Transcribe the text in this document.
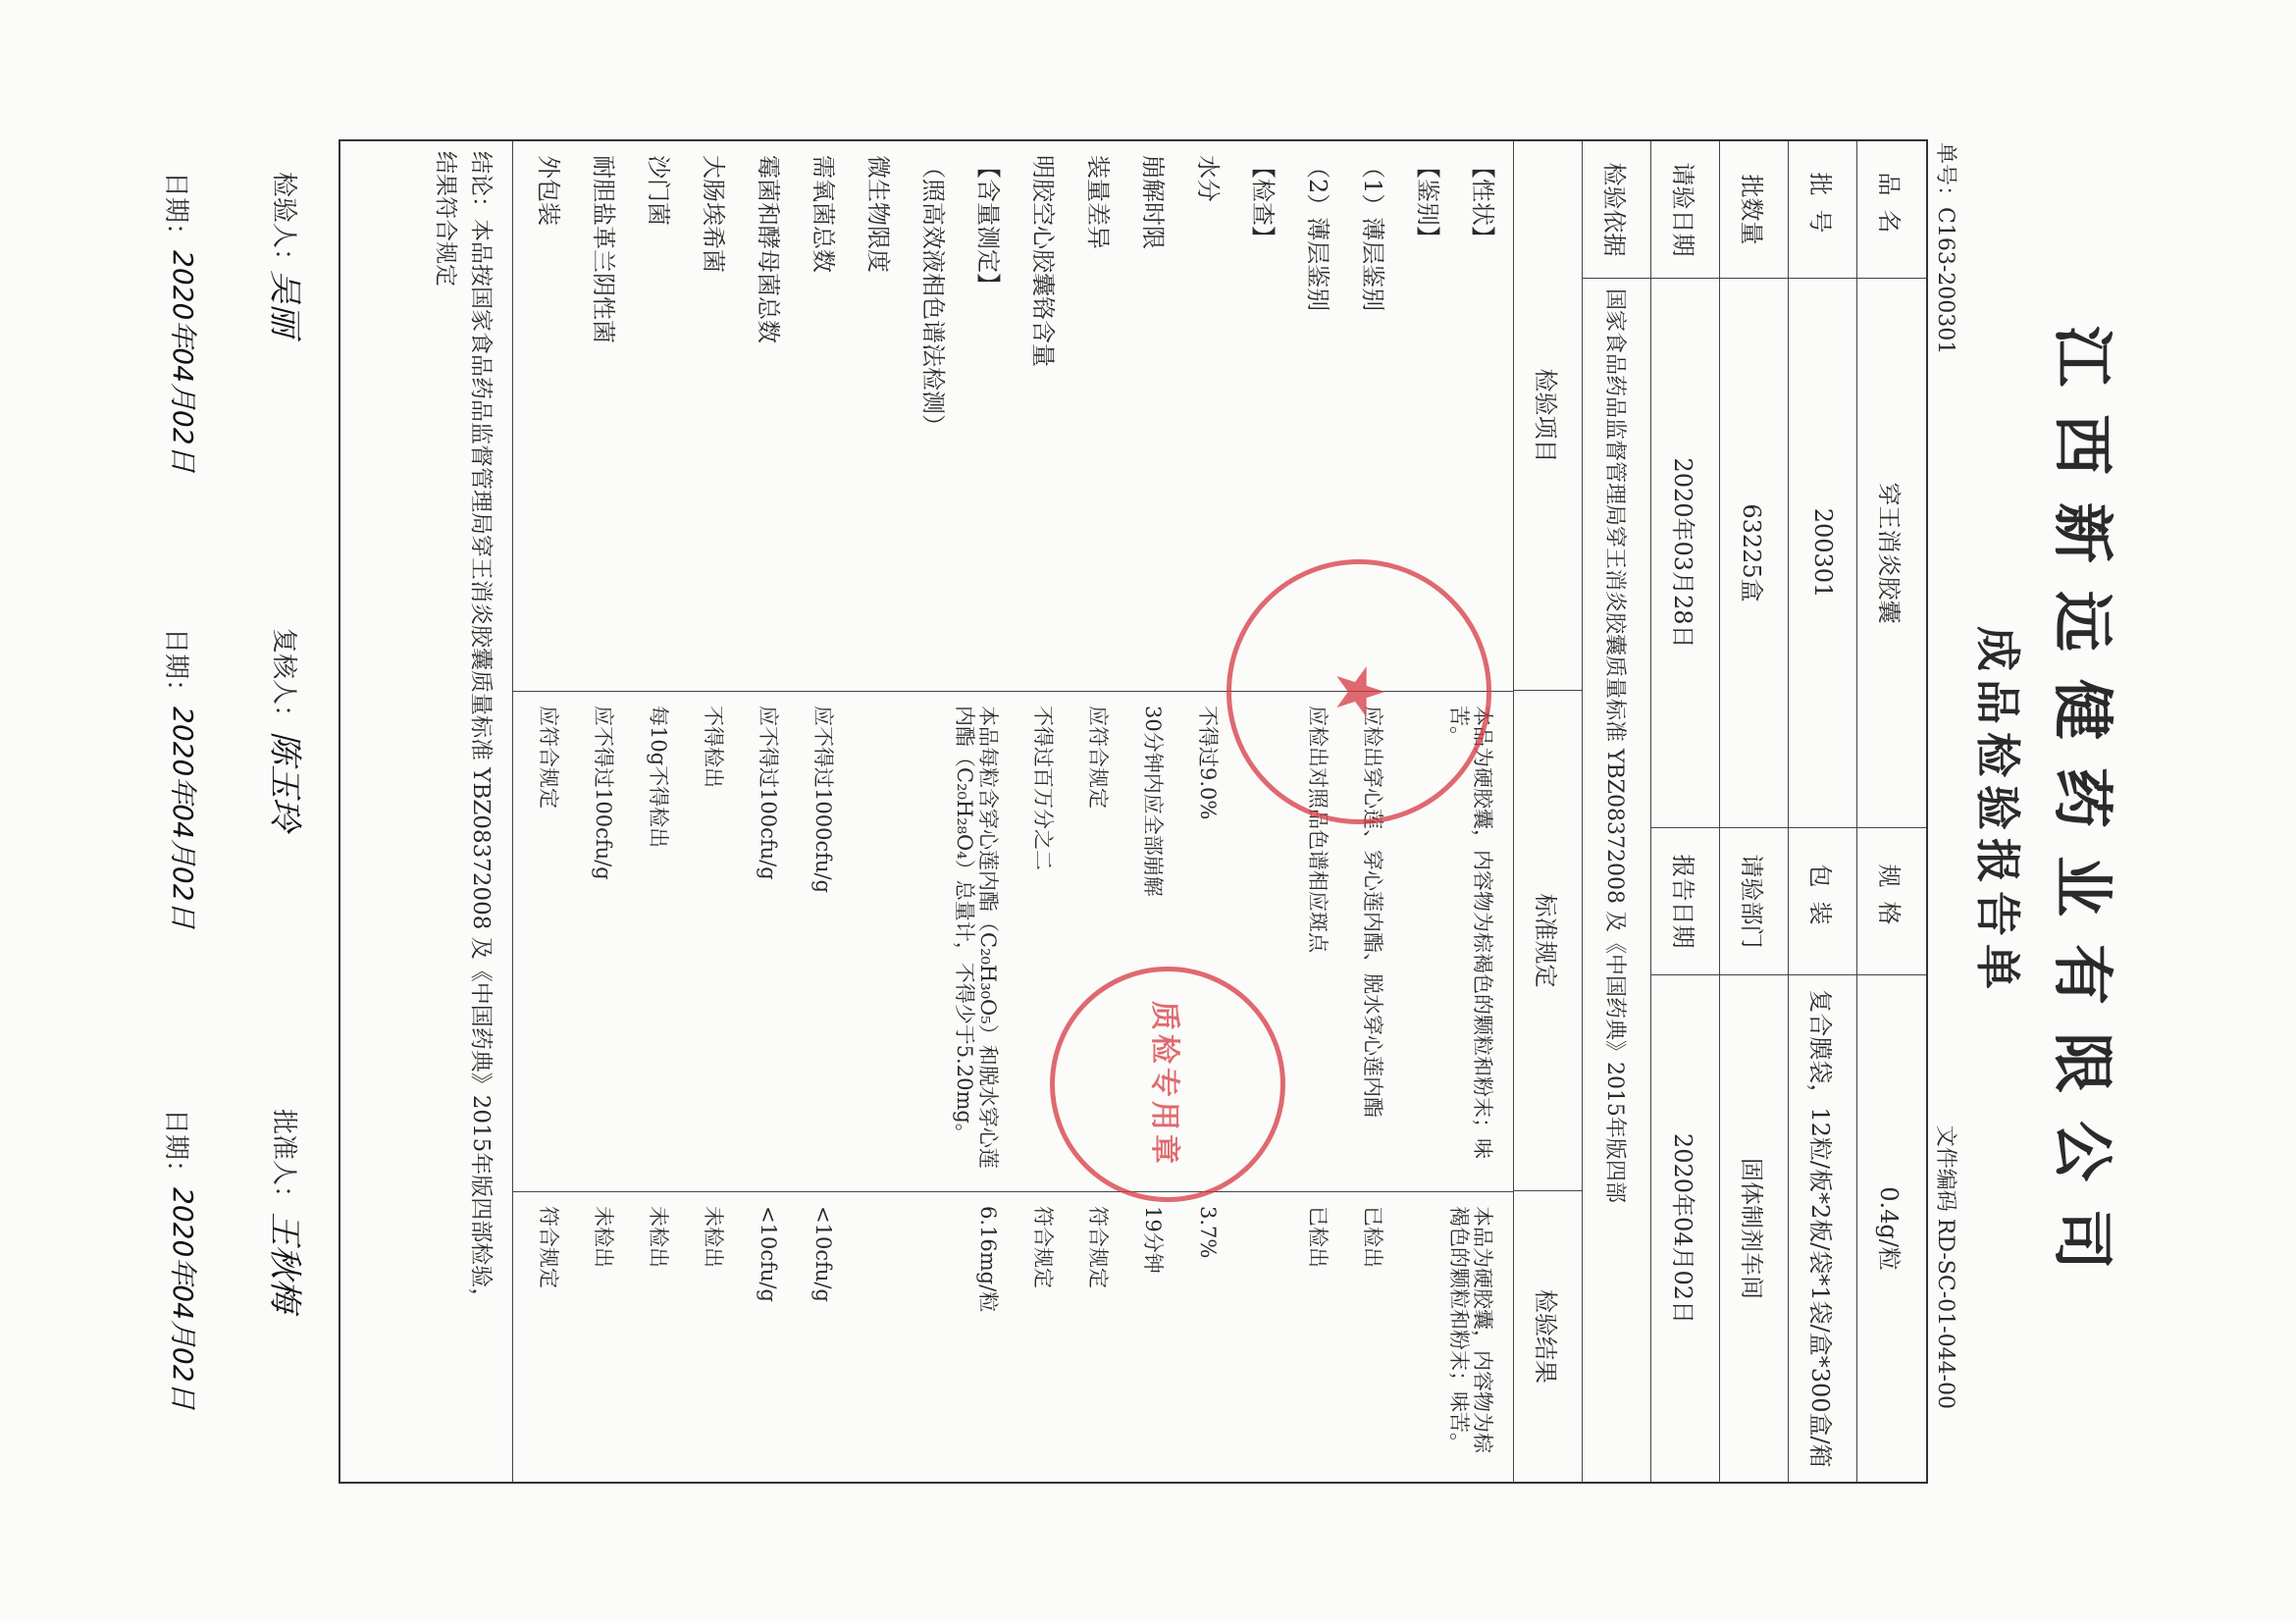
江西新远健药业有限公司
成品检验报告单
单号：C163-200301
文件编码 RD-SC-01-044-00
品名
穿王消炎胶囊
规格
0.4g/粒
批号
200301
包装
复合膜袋，12粒/板*2板/袋*1袋/盒*300盒/箱
批数量
63225盒
请验部门
固体制剂车间
请验日期
2020年03月28日
报告日期
2020年04月02日
检验依据
国家食品药品监督管理局穿王消炎胶囊质量标准 YBZ08372008 及《中国药典》2015年版四部
检验项目
标准规定
检验结果
【性状】
本品为硬胶囊，内容物为棕褐色的颗粒和粉末；味苦。
本品为硬胶囊，内容物为棕褐色的颗粒和粉末；味苦。
【鉴别】
（1）薄层鉴别
应检出穿心莲、穿心莲内酯、脱水穿心莲内酯
已检出
（2）薄层鉴别
应检出对照品色谱相应斑点
已检出
【检查】
水分
不得过9.0%
3.7%
崩解时限
30分钟内应全部崩解
19分钟
装量差异
应符合规定
符合规定
明胶空心胶囊铬含量
不得过百万分之二
符合规定
【含量测定】
本品每粒含穿心莲内酯（C₂₀H₃₀O₅）和脱水穿心莲内酯（C₂₀H₂₈O₄）总量计，不得少于5.20mg。
6.16mg/粒
（照高效液相色谱法检测）
微生物限度
需氧菌总数
应不得过1000cfu/g
<10cfu/g
霉菌和酵母菌总数
应不得过100cfu/g
<10cfu/g
大肠埃希菌
不得检出
未检出
沙门菌
每10g不得检出
未检出
耐胆盐革兰阴性菌
应不得过100cfu/g
未检出
外包装
应符合规定
符合规定
结论：本品按国家食品药品监督管理局穿王消炎胶囊质量标准 YBZ08372008 及《中国药典》2015年版四部检验，
结果符合规定
检验人：
吴丽
日期：
2020年04月02日
复核人：
陈玉玲
日期：
2020年04月02日
批准人：
王秋梅
日期：
2020年04月02日
★
质检专用章
